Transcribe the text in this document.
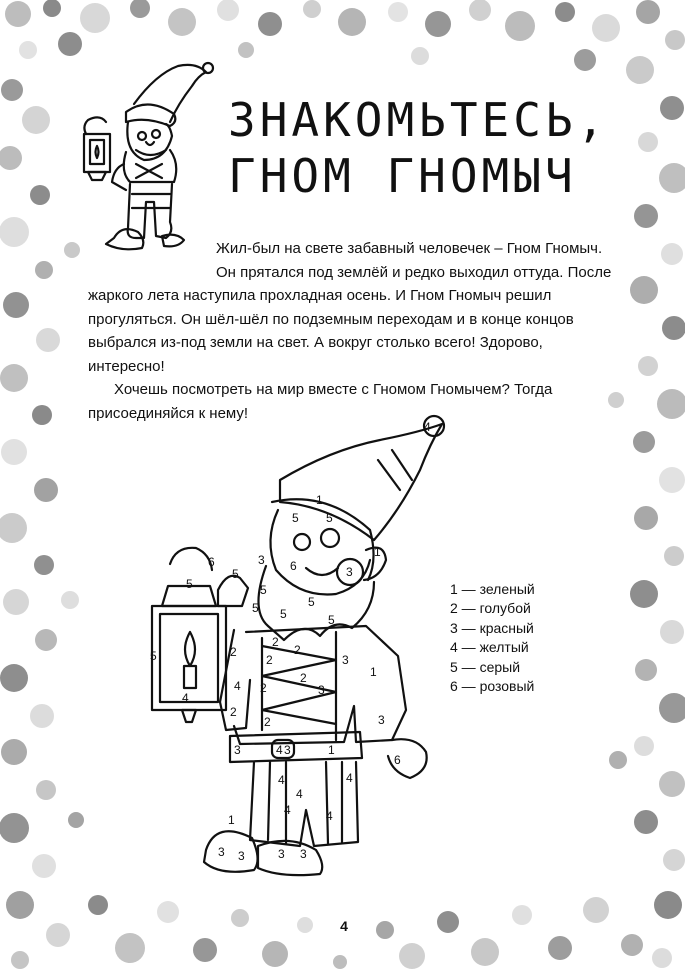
ЗНАКОМЬТЕСЬ,
ГНОМ ГНОМЫЧ
Жил-был на свете забавный человечек – Гном Гномыч.
Он прятался под землёй и редко выходил оттуда. После
жаркого лета наступила прохладная осень. И Гном Гномыч решил
прогуляться. Он шёл-шёл по подземным переходам и в конце концов
выбрался из-под земли на свет. А вокруг столько всего! Здорово, интересно!
Хочешь посмотреть на мир вместе с Гномом Гномычем? Тогда
присоединяйся к нему!
1
5 5
3 6	3
1
6
5
5	5
5 5
5
5
5	2
2
2
2
3
1
4 2
2
3
4
2
2	3
3	4 3	1
6
4	4
4
4	4
3 3	3 3
1
4
1 — зеленый
2 — голубой
3 — красный
4 — желтый
5 — серый
6 — розовый
4
